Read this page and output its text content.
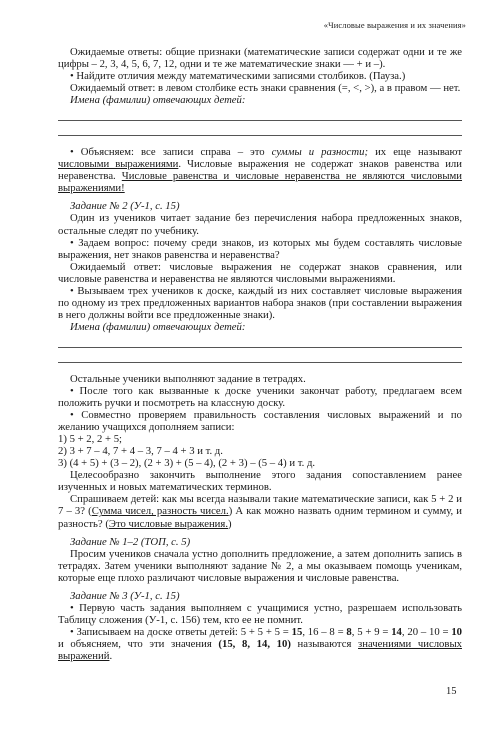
«Числовые выражения и их значения»

Ожидаемые ответы: общие признаки (математические записи содержат одни и те же цифры – 2, 3, 4, 5, 6, 7, 12, одни и те же математические знаки — + и –).

• Найдите отличия между математическими записями столбиков. (Пауза.)

Ожидаемый ответ: в левом столбике есть знаки сравнения (=, <, >), а в правом — нет.

Имена (фамилии) отвечающих детей:

• Объясняем: все записи справа – это суммы и разности; их еще называют числовыми выражениями. Числовые выражения не содержат знаков равенства или неравенства. Числовые равенства и числовые неравенства не являются числовыми выражениями!

Задание № 2 (У-1, с. 15)

Один из учеников читает задание без перечисления набора предложенных знаков, остальные следят по учебнику.

• Задаем вопрос: почему среди знаков, из которых мы будем составлять числовые выражения, нет знаков равенства и неравенства?

Ожидаемый ответ: числовые выражения не содержат знаков сравнения, или числовые равенства и неравенства не являются числовыми выражениями.

• Вызываем трех учеников к доске, каждый из них составляет числовые выражения по одному из трех предложенных вариантов набора знаков (при составлении выражения в него должны войти все предложенные знаки).

Имена (фамилии) отвечающих детей:

Остальные ученики выполняют задание в тетрадях.

• После того как вызванные к доске ученики закончат работу, предлагаем всем положить ручки и посмотреть на классную доску.

• Совместно проверяем правильность составления числовых выражений и по желанию учащихся дополняем записи:

1) 5 + 2, 2 + 5;

2) 3 + 7 – 4, 7 + 4 – 3, 7 – 4 + 3 и т. д.

3) (4 + 5) + (3 – 2), (2 + 3) + (5 – 4), (2 + 3) – (5 – 4) и т. д.

Целесообразно закончить выполнение этого задания сопоставлением ранее изученных и новых математических терминов.

Спрашиваем детей: как мы всегда называли такие математические записи, как 5 + 2 и 7 – 3? (Сумма чисел, разность чисел.) А как можно назвать одним термином и сумму, и разность? (Это числовые выражения.)

Задание № 1–2 (ТОП, с. 5)

Просим учеников сначала устно дополнить предложение, а затем дополнить запись в тетрадях. Затем ученики выполняют задание № 2, а мы оказываем помощь ученикам, которые еще плохо различают числовые выражения и числовые равенства.

Задание № 3 (У-1, с. 15)

• Первую часть задания выполняем с учащимися устно, разрешаем использовать Таблицу сложения (У-1, с. 156) тем, кто ее не помнит.

• Записываем на доске ответы детей: 5 + 5 + 5 = 15, 16 – 8 = 8, 5 + 9 = 14, 20 – 10 = 10 и объясняем, что эти значения (15, 8, 14, 10) называются значениями числовых выражений.

15
